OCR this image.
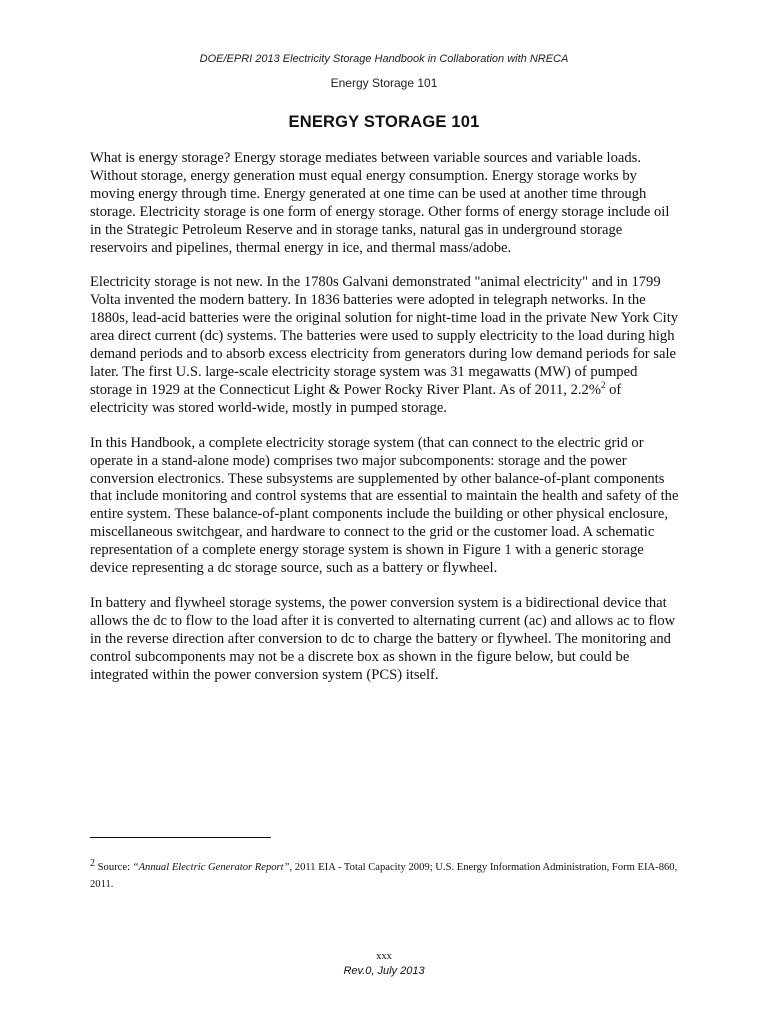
DOE/EPRI 2013 Electricity Storage Handbook in Collaboration with NRECA
Energy Storage 101
ENERGY STORAGE 101

What is energy storage? Energy storage mediates between variable sources and variable loads. Without storage, energy generation must equal energy consumption. Energy storage works by moving energy through time. Energy generated at one time can be used at another time through storage. Electricity storage is one form of energy storage. Other forms of energy storage include oil in the Strategic Petroleum Reserve and in storage tanks, natural gas in underground storage reservoirs and pipelines, thermal energy in ice, and thermal mass/adobe.

Electricity storage is not new. In the 1780s Galvani demonstrated "animal electricity" and in 1799 Volta invented the modern battery. In 1836 batteries were adopted in telegraph networks. In the 1880s, lead-acid batteries were the original solution for night-time load in the private New York City area direct current (dc) systems. The batteries were used to supply electricity to the load during high demand periods and to absorb excess electricity from generators during low demand periods for sale later. The first U.S. large-scale electricity storage system was 31 megawatts (MW) of pumped storage in 1929 at the Connecticut Light & Power Rocky River Plant. As of 2011, 2.2%$^2$ of electricity was stored world-wide, mostly in pumped storage.

In this Handbook, a complete electricity storage system (that can connect to the electric grid or operate in a stand-alone mode) comprises two major subcomponents: storage and the power conversion electronics. These subsystems are supplemented by other balance-of-plant components that include monitoring and control systems that are essential to maintain the health and safety of the entire system. These balance-of-plant components include the building or other physical enclosure, miscellaneous switchgear, and hardware to connect to the grid or the customer load. A schematic representation of a complete energy storage system is shown in Figure 1 with a generic storage device representing a dc storage source, such as a battery or flywheel.

In battery and flywheel storage systems, the power conversion system is a bidirectional device that allows the dc to flow to the load after it is converted to alternating current (ac) and allows ac to flow in the reverse direction after conversion to dc to charge the battery or flywheel. The monitoring and control subcomponents may not be a discrete box as shown in the figure below, but could be integrated within the power conversion system (PCS) itself.

2 Source: “Annual Electric Generator Report”, 2011 EIA - Total Capacity 2009; U.S. Energy Information Administration, Form EIA-860, 2011.
xxx
Rev.0, July 2013
